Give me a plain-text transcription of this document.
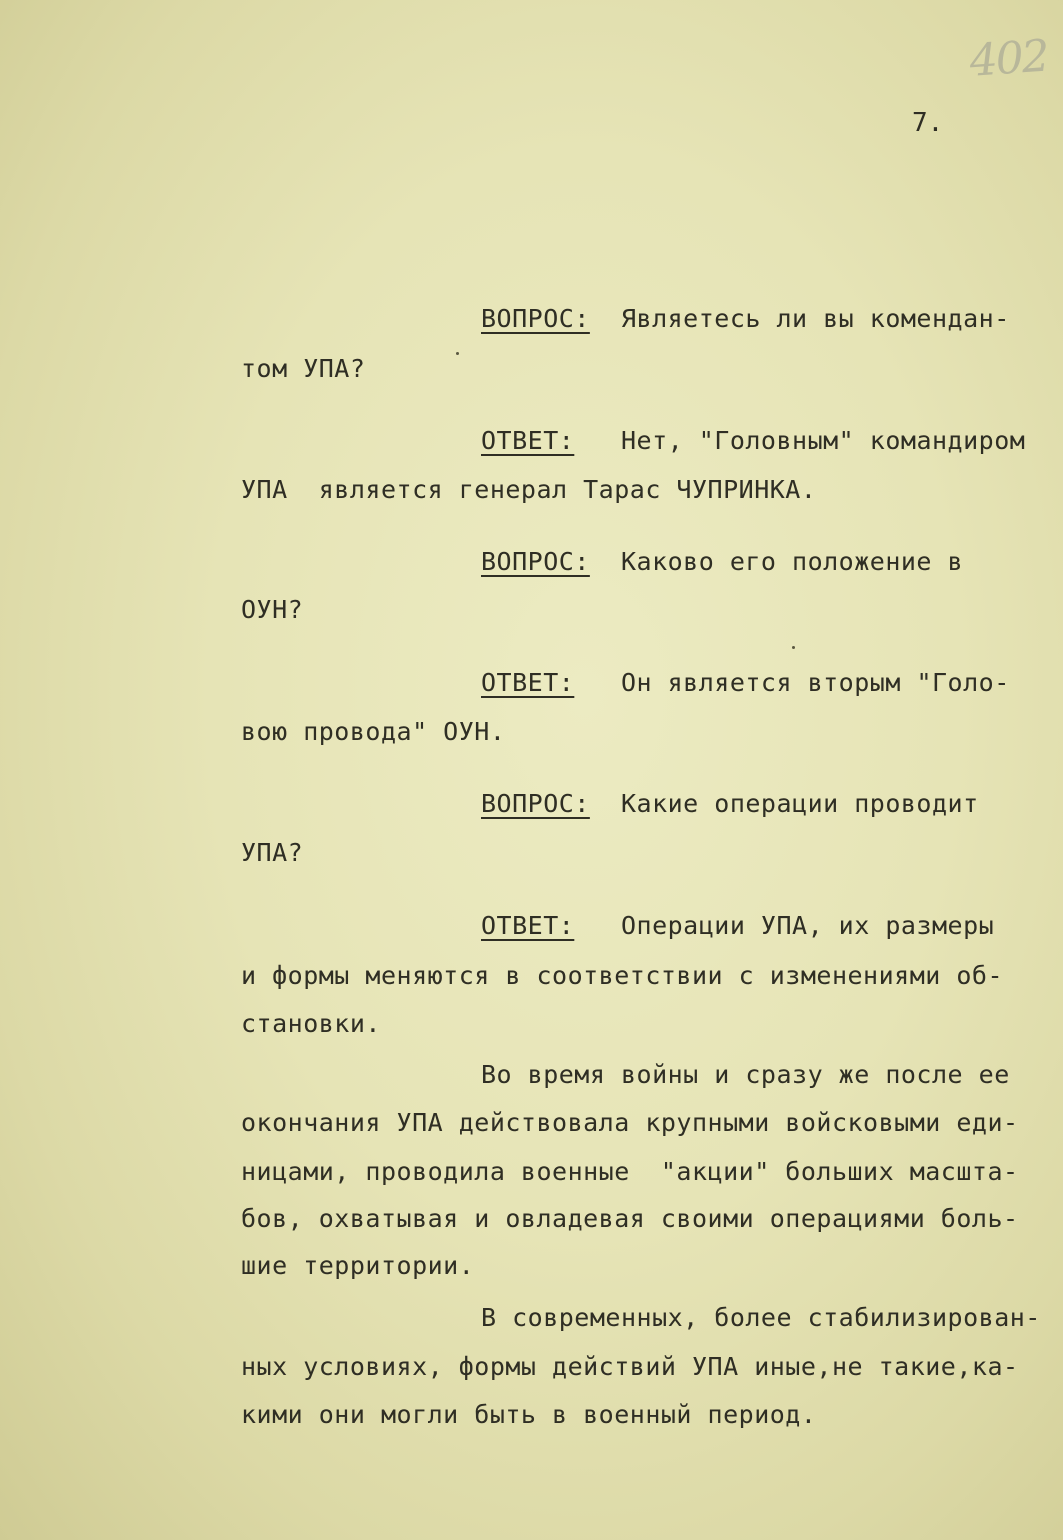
402
7.
ВОПРОС:  Являетесь ли вы комендан-
том УПА?
ОТВЕТ:   Нет, "Головным" командиром
УПА  является генерал Тарас ЧУПРИНКА.
ВОПРОС:  Каково его положение в
ОУН?
ОТВЕТ:   Он является вторым "Голо-
вою провода" ОУН.
ВОПРОС:  Какие операции проводит
УПА?
ОТВЕТ:   Операции УПА, их размеры
и формы меняются в соответствии с изменениями об-
становки.
Во время войны и сразу же после ее
окончания УПА действовала крупными войсковыми еди-
ницами, проводила военные  "акции" больших масшта-
бов, охватывая и овладевая своими операциями боль-
шие территории.
В современных, более стабилизирован-
ных условиях, формы действий УПА иные,не такие,ка-
кими они могли быть в военный период.
